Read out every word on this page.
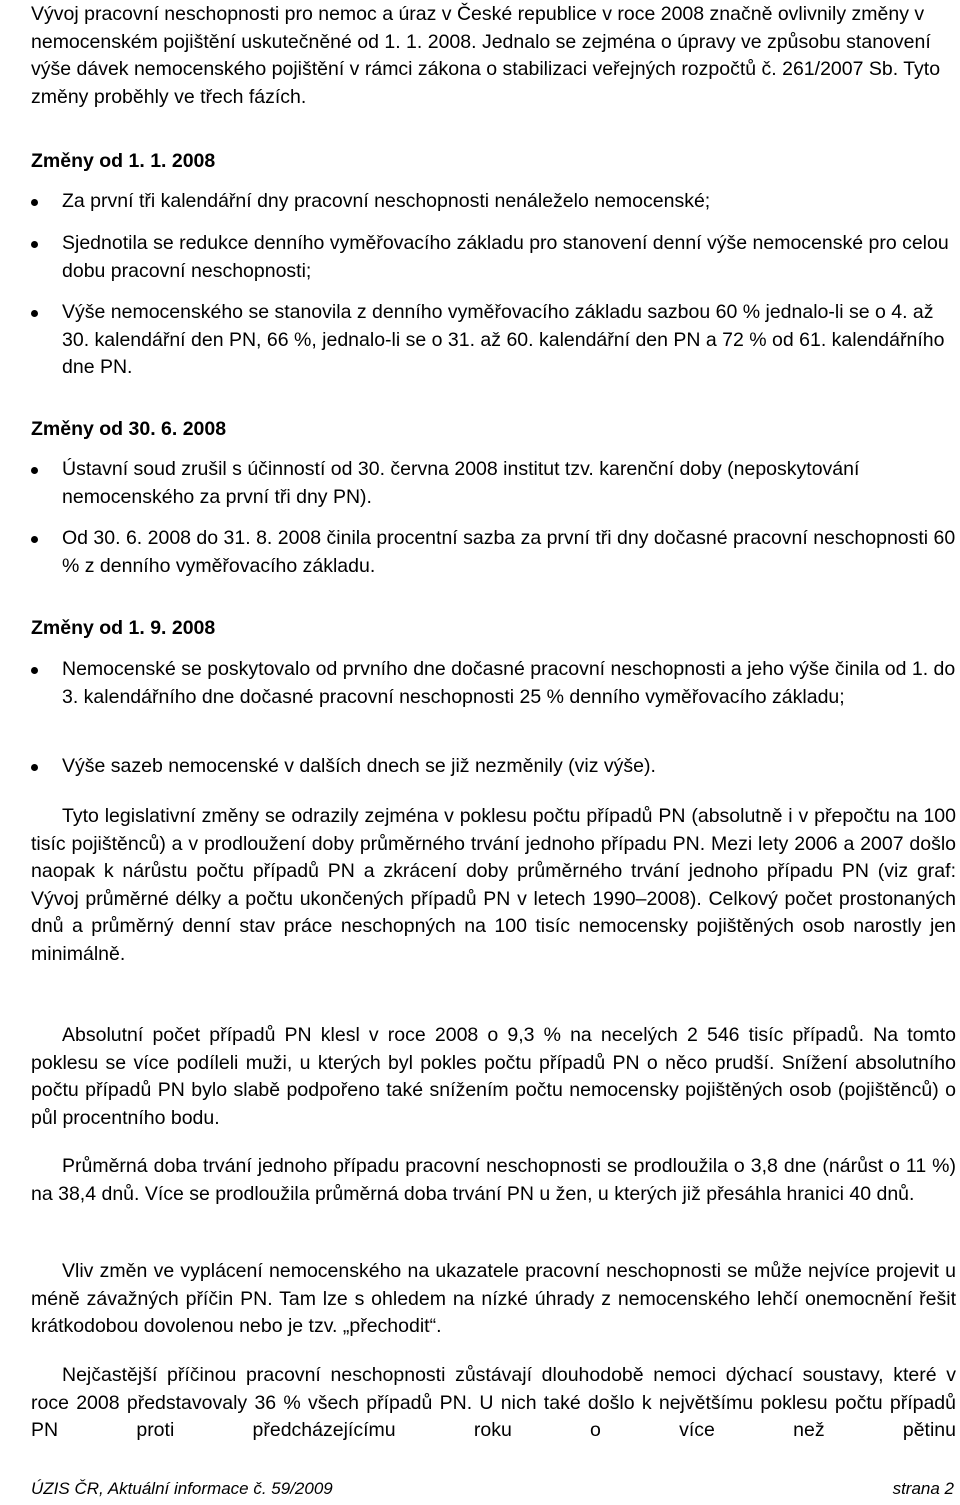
Vývoj pracovní neschopnosti pro nemoc a úraz v České republice v roce 2008 značně ovlivnily změny v nemocenském pojištění uskutečněné od 1. 1. 2008. Jednalo se zejména o úpravy ve způsobu stanovení výše dávek nemocenského pojištění v rámci zákona o stabilizaci veřejných rozpočtů č. 261/2007 Sb. Tyto změny proběhly ve třech fázích.
Změny od 1. 1. 2008
Za první tři kalendářní dny pracovní neschopnosti nenáleželo nemocenské;
Sjednotila se redukce denního vyměřovacího základu pro stanovení denní výše nemocenské pro celou dobu pracovní neschopnosti;
Výše nemocenského se stanovila z denního vyměřovacího základu sazbou 60 % jednalo-li se o 4. až 30. kalendářní den PN, 66 %, jednalo-li se o 31. až 60. kalendářní den PN a 72 % od 61. kalendářního dne PN.
Změny od 30. 6. 2008
Ústavní soud zrušil s účinností od 30. června 2008 institut tzv. karenční doby (neposkytování nemocenského za první tři dny PN).
Od 30. 6. 2008 do 31. 8. 2008 činila procentní sazba za první tři dny dočasné pracovní neschopnosti 60 % z denního vyměřovacího základu.
Změny od 1. 9. 2008
Nemocenské se poskytovalo od prvního dne dočasné pracovní neschopnosti a jeho výše činila od 1. do 3. kalendářního dne dočasné pracovní neschopnosti 25 % denního vyměřovacího základu;
Výše sazeb nemocenské v dalších dnech se již nezměnily (viz výše).
Tyto legislativní změny se odrazily zejména v poklesu počtu případů PN (absolutně i v přepočtu na 100 tisíc pojištěnců) a v prodloužení doby průměrného trvání jednoho případu PN. Mezi lety 2006 a 2007 došlo naopak k nárůstu počtu případů PN a zkrácení doby průměrného trvání jednoho případu PN (viz graf: Vývoj průměrné délky a počtu ukončených případů PN v letech 1990–2008). Celkový počet prostonaných dnů a průměrný denní stav práce neschopných na 100 tisíc nemocensky pojištěných osob narostly jen minimálně.
Absolutní počet případů PN klesl v roce 2008 o 9,3 % na necelých 2 546 tisíc případů. Na tomto poklesu se více podíleli muži, u kterých byl pokles počtu případů PN o něco prudší. Snížení absolutního počtu případů PN bylo slabě podpořeno také snížením počtu nemocensky pojištěných osob (pojištěnců) o půl procentního bodu.
Průměrná doba trvání jednoho případu pracovní neschopnosti se prodloužila o 3,8 dne (nárůst o 11 %) na 38,4 dnů. Více se prodloužila průměrná doba trvání PN u žen, u kterých již přesáhla hranici 40 dnů.
Vliv změn ve vyplácení nemocenského na ukazatele pracovní neschopnosti se může nejvíce projevit u méně závažných příčin PN. Tam lze s ohledem na nízké úhrady z nemocenského lehčí onemocnění řešit krátkodobou dovolenou nebo je tzv. „přechodit“.
Nejčastější příčinou pracovní neschopnosti zůstávají dlouhodobě nemoci dýchací soustavy, které v roce 2008 představovaly 36 % všech případů PN. U nich také došlo k největšímu poklesu počtu případů PN proti předcházejícímu roku o více než pětinu
ÚZIS ČR, Aktuální informace č. 59/2009	strana 2
